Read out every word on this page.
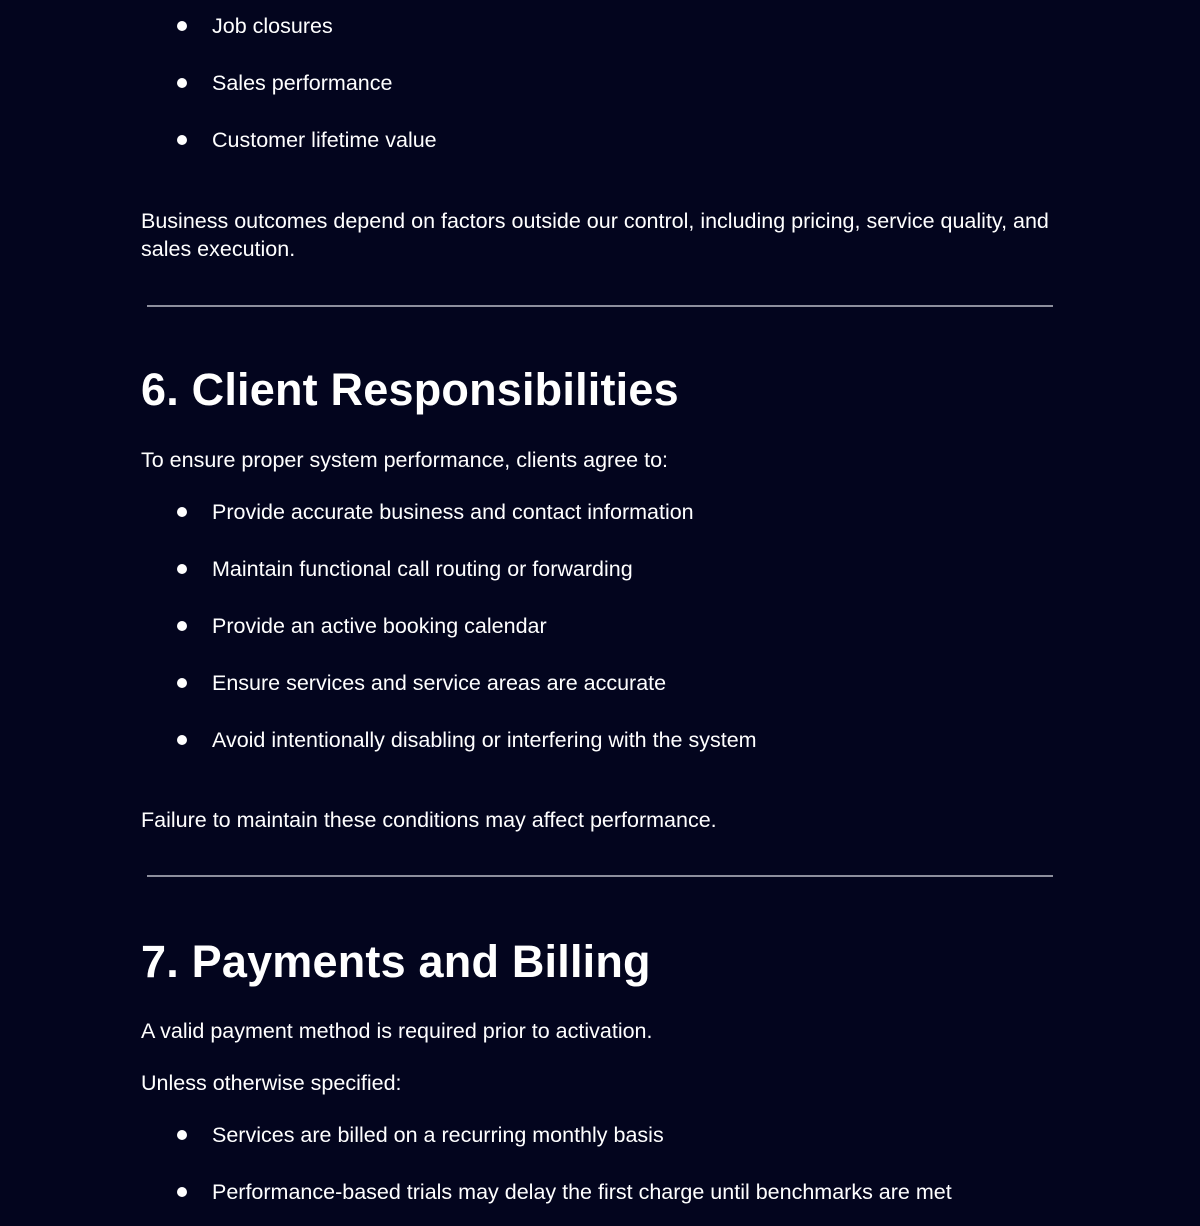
Job closures
Sales performance
Customer lifetime value

Business outcomes depend on factors outside our control, including pricing, service quality, and sales execution.

6. Client Responsibilities

To ensure proper system performance, clients agree to:

Provide accurate business and contact information
Maintain functional call routing or forwarding
Provide an active booking calendar
Ensure services and service areas are accurate
Avoid intentionally disabling or interfering with the system

Failure to maintain these conditions may affect performance.

7. Payments and Billing

A valid payment method is required prior to activation.

Unless otherwise specified:

Services are billed on a recurring monthly basis
Performance-based trials may delay the first charge until benchmarks are met
